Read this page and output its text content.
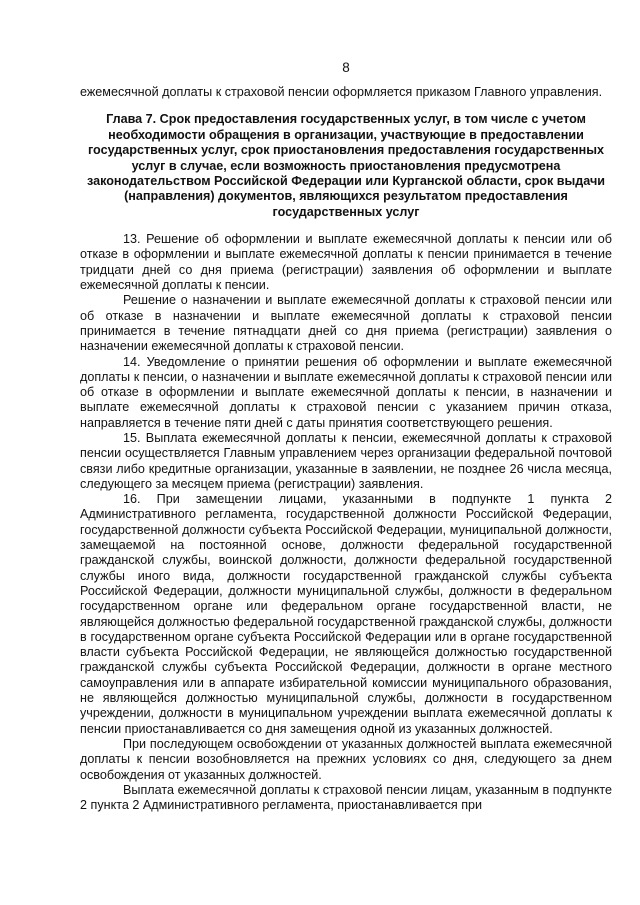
8

ежемесячной доплаты к страховой пенсии оформляется приказом Главного управления.

Глава 7. Срок предоставления государственных услуг, в том числе с учетом необходимости обращения в организации, участвующие в предоставлении государственных услуг, срок приостановления предоставления государственных услуг в случае, если возможность приостановления предусмотрена законодательством Российской Федерации или Курганской области, срок выдачи (направления) документов, являющихся результатом предоставления государственных услуг

13. Решение об оформлении и выплате ежемесячной доплаты к пенсии или об отказе в оформлении и выплате ежемесячной доплаты к пенсии принимается в течение тридцати дней со дня приема (регистрации) заявления об оформлении и выплате ежемесячной доплаты к пенсии.

Решение о назначении и выплате ежемесячной доплаты к страховой пенсии или об отказе в назначении и выплате ежемесячной доплаты к страховой пенсии принимается в течение пятнадцати дней со дня приема (регистрации) заявления о назначении ежемесячной доплаты к страховой пенсии.

14. Уведомление о принятии решения об оформлении и выплате ежемесячной доплаты к пенсии, о назначении и выплате ежемесячной доплаты к страховой пенсии или об отказе в оформлении и выплате ежемесячной доплаты к пенсии, в назначении и выплате ежемесячной доплаты к страховой пенсии с указанием причин отказа, направляется в течение пяти дней с даты принятия соответствующего решения.

15. Выплата ежемесячной доплаты к пенсии, ежемесячной доплаты к страховой пенсии осуществляется Главным управлением через организации федеральной почтовой связи либо кредитные организации, указанные в заявлении, не позднее 26 числа месяца, следующего за месяцем приема (регистрации) заявления.

16. При замещении лицами, указанными в подпункте 1 пункта 2 Административного регламента, государственной должности Российской Федерации, государственной должности субъекта Российской Федерации, муниципальной должности, замещаемой на постоянной основе, должности федеральной государственной гражданской службы, воинской должности, должности федеральной государственной службы иного вида, должности государственной гражданской службы субъекта Российской Федерации, должности муниципальной службы, должности в федеральном государственном органе или федеральном органе государственной власти, не являющейся должностью федеральной государственной гражданской службы, должности в государственном органе субъекта Российской Федерации или в органе государственной власти субъекта Российской Федерации, не являющейся должностью государственной гражданской службы субъекта Российской Федерации, должности в органе местного самоуправления или в аппарате избирательной комиссии муниципального образования, не являющейся должностью муниципальной службы, должности в государственном учреждении, должности в муниципальном учреждении выплата ежемесячной доплаты к пенсии приостанавливается со дня замещения одной из указанных должностей.

При последующем освобождении от указанных должностей выплата ежемесячной доплаты к пенсии возобновляется на прежних условиях со дня, следующего за днем освобождения от указанных должностей.

Выплата ежемесячной доплаты к страховой пенсии лицам, указанным в подпункте 2 пункта 2 Административного регламента, приостанавливается при
